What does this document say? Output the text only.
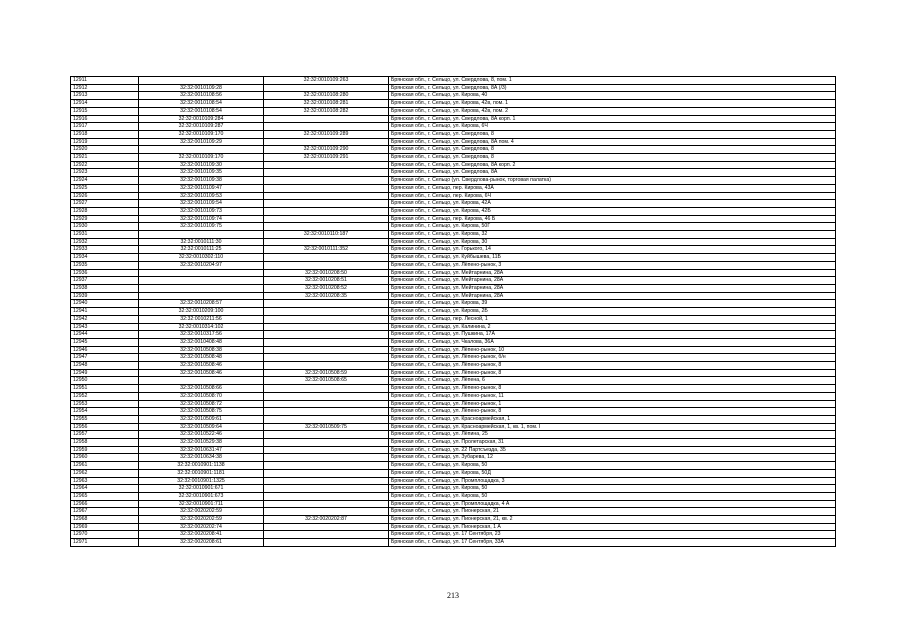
12911		32:32:0010109:263	Брянская обл., г. Сельцо, ул. Свердлова, 8, пом. 1
12912	32:32:0010109:28		Брянская обл., г. Сельцо, ул. Свердлова, 8А (/3)
12913	32:32:0010108:56	32:32:0010108:280	Брянская обл., г. Сельцо, ул. Кирова, 40
12914	32:32:0010108:54	32:32:0010108:281	Брянская обл., г. Сельцо, ул. Кирова, 42в, пом. 1
12915	32:32:0010108:54	32:32:0010108:282	Брянская обл., г. Сельцо, ул. Кирова, 42в, пом. 2
12916	32:32:0010109:284		Брянская обл., г. Сельцо, ул. Свердлова, 8А корп. 1
12917	32:32:0010109:287		Брянская обл., г. Сельцо, ул. Кирова, 6Ч
12918	32:32:0010109:170	32:32:0010109:289	Брянская обл., г. Сельцо, ул. Свердлова, 8
12919	32:32:0010109:29		Брянская обл., г. Сельцо, ул. Свердлова, 8А пом. 4
12920		32:32:0010109:290	Брянская обл., г. Сельцо, ул. Свердлова, 8
12921	32:32:0010109:170	32:32:0010109:291	Брянская обл., г. Сельцо, ул. Свердлова, 8
12922	32:32:0010109:30		Брянская обл., г. Сельцо, ул. Свердлова, 8А корп. 2
12923	32:32:0010109:35		Брянская обл., г. Сельцо, ул. Свердлова, 8А
12924	32:32:0010109:38		Брянская обл., г. Сельцо (ул. Свердлова-рынок, торговая палатка)
12925	32:32:0010109:47		Брянская обл., г. Сельцо, пер. Кирова, 43А
12926	32:32:0010109:53		Брянская обл., г. Сельцо, пер. Кирова, 6Ч
12927	32:32:0010109:54		Брянская обл., г. Сельцо, ул. Кирова, 42А
12928	32:32:0010109:73		Брянская обл., г. Сельцо, ул. Кирова, 42Б
12929	32:32:0010109:74		Брянская обл., г. Сельцо, пер. Кирова, 46 Б
12930	32:32:0010109:75		Брянская обл., г. Сельцо, ул. Кирова, 50Г
12931		32:32:0010110:187	Брянская обл., г. Сельцо, ул. Кирова, 32
12932	32:32:0010111:30		Брянская обл., г. Сельцо, ул. Кирова, 30
12933	32:32:0010111:25	32:32:0010111:352	Брянская обл., г. Сельцо, ул. Горького, 14
12934	32:32:0010302:110		Брянская обл., г. Сельцо, ул. Куйбышева, 11Б
12935	32:32:0010204:97		Брянская обл., г. Сельцо, ул. Лёпено-рынок, 3
12936		32:32:0010208:50	Брянская обл., г. Сельцо, ул. Мейтарнина, 28А
12937		32:32:0010208:51	Брянская обл., г. Сельцо, ул. Мейтарнина, 28А
12938		32:32:0010208:52	Брянская обл., г. Сельцо, ул. Мейтарнина, 28А
12939		32:32:0010208:35	Брянская обл., г. Сельцо, ул. Мейтарнина, 28А
12940	32:32:0010208:57		Брянская обл., г. Сельцо, ул. Кирова, 39
12941	32:32:0010209:100		Брянская обл., г. Сельцо, ул. Кирова, 2Б
12942	32:32:0010211:56		Брянская обл., г. Сельцо, пер. Лесной, 1
12943	32:32:0010314:102		Брянская обл., г. Сельцо, ул. Калинина, 2
12944	32:32:0010317:56		Брянская обл., г. Сельцо, ул. Пушкина, 17А
12945	32:32:0010408:48		Брянская обл., г. Сельцо, ул. Чкалова, 36А
12946	32:32:0010508:38		Брянская обл., г. Сельцо, ул. Лёпено-рынок, 10
12947	32:32:0010508:48		Брянская обл., г. Сельцо, ул. Лёпено-рынок, б/н
12948	32:32:0010508:46		Брянская обл., г. Сельцо, ул. Лёпено-рынок, 8
12949	32:32:0010508:46	32:32:0010508:59	Брянская обл., г. Сельцо, ул. Лёпено-рынок, 8
12950		32:32:0010508:65	Брянская обл., г. Сельцо, ул. Лёпена, 6
12951	32:32:0010508:66		Брянская обл., г. Сельцо, ул. Лёпено-рынок, 8
12952	32:32:0010508:70		Брянская обл., г. Сельцо, ул. Лёпено-рынок, 11
12953	32:32:0010508:72		Брянская обл., г. Сельцо, ул. Лёпено-рынок, 1
12954	32:32:0010508:75		Брянская обл., г. Сельцо, ул. Лёпено-рынок, 8
12955	32:32:0010509:61		Брянская обл., г. Сельцо, ул. Красноармейская, 1
12956	32:32:0010509:64	32:32:0010509:75	Брянская обл., г. Сельцо, ул. Красноармейская, 1, кв. 1, пом. I
12957	32:32:0010522:46		Брянская обл., г. Сельцо, ул. Лёпина, 25
12958	32:32:0010529:38		Брянская обл., г. Сельцо, ул. Пролетарская, 31
12959	32:32:0010631:47		Брянская обл., г. Сельцо, ул. 22 Партсъезда, 35
12960	32:32:0010634:38		Брянская обл., г. Сельцо, ул. Зубарева, 12
12961	32:32:0010901:1138		Брянская обл., г. Сельцо, ул. Кирова, 50
12962	32:32:0010901:1181		Брянская обл., г. Сельцо, ул. Кирова, 50Д
12963	32:32:0010901:1325		Брянская обл., г. Сельцо, ул. Промплощадка, 3
12964	32:32:0010901:671		Брянская обл., г. Сельцо, ул. Кирова, 50
12965	32:32:0010901:673		Брянская обл., г. Сельцо, ул. Кирова, 50
12966	32:32:0010901:711		Брянская обл., г. Сельцо, ул. Промплощадка, 4 А
12967	32:32:0020202:59		Брянская обл., г. Сельцо, ул. Пионерская, 21
12968	32:32:0020202:59	32:32:0020202:87	Брянская обл., г. Сельцо, ул. Пионерская, 21, кв. 2
12969	32:32:0020202:74		Брянская обл., г. Сельцо, ул. Пионерская, 1 А
12970	32:32:0020208:41		Брянская обл., г. Сельцо, ул. 17 Сентября, 23
12971	32:32:0020208:61		Брянская обл., г. Сельцо, ул. 17 Сентября, 33А
213
